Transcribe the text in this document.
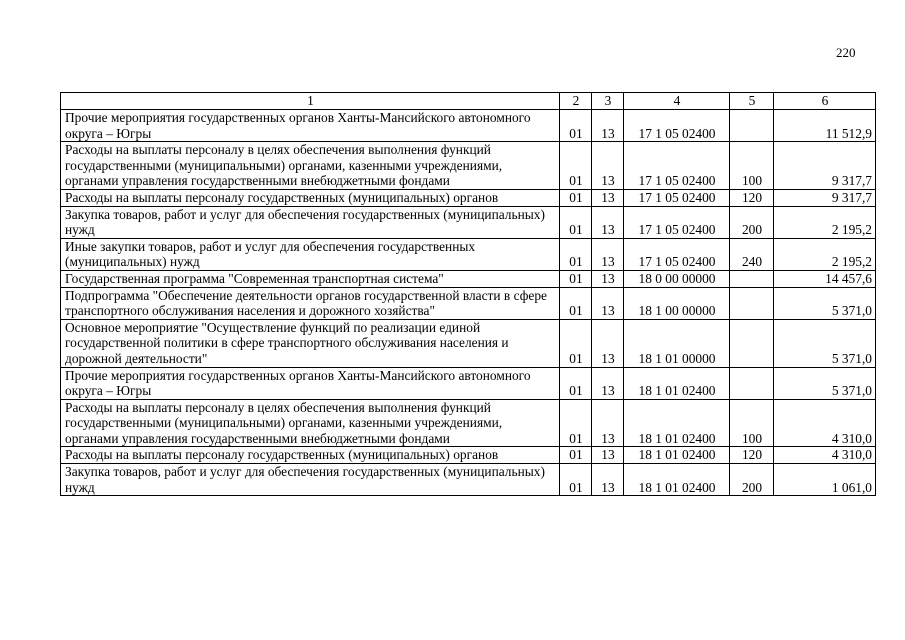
220
1	2	3	4	5	6
Прочие мероприятия государственных органов Ханты-Мансийского автономного округа – Югры	01	13	17 1 05 02400		11 512,9
Расходы на выплаты персоналу в целях обеспечения выполнения функций государственными (муниципальными) органами, казенными учреждениями, органами управления государственными внебюджетными фондами	01	13	17 1 05 02400	100	9 317,7
Расходы на выплаты персоналу государственных (муниципальных) органов	01	13	17 1 05 02400	120	9 317,7
Закупка товаров, работ и услуг для обеспечения государственных (муниципальных) нужд	01	13	17 1 05 02400	200	2 195,2
Иные закупки товаров, работ и услуг для обеспечения государственных (муниципальных) нужд	01	13	17 1 05 02400	240	2 195,2
Государственная программа "Современная транспортная система"	01	13	18 0 00 00000		14 457,6
Подпрограмма "Обеспечение деятельности органов государственной власти в сфере транспортного обслуживания населения и дорожного хозяйства"	01	13	18 1 00 00000		5 371,0
Основное мероприятие "Осуществление функций по реализации единой государственной политики в сфере транспортного обслуживания населения и дорожной деятельности"	01	13	18 1 01 00000		5 371,0
Прочие мероприятия государственных органов Ханты-Мансийского автономного округа – Югры	01	13	18 1 01 02400		5 371,0
Расходы на выплаты персоналу в целях обеспечения выполнения функций государственными (муниципальными) органами, казенными учреждениями, органами управления государственными внебюджетными фондами	01	13	18 1 01 02400	100	4 310,0
Расходы на выплаты персоналу государственных (муниципальных) органов	01	13	18 1 01 02400	120	4 310,0
Закупка товаров, работ и услуг для обеспечения государственных (муниципальных) нужд	01	13	18 1 01 02400	200	1 061,0
